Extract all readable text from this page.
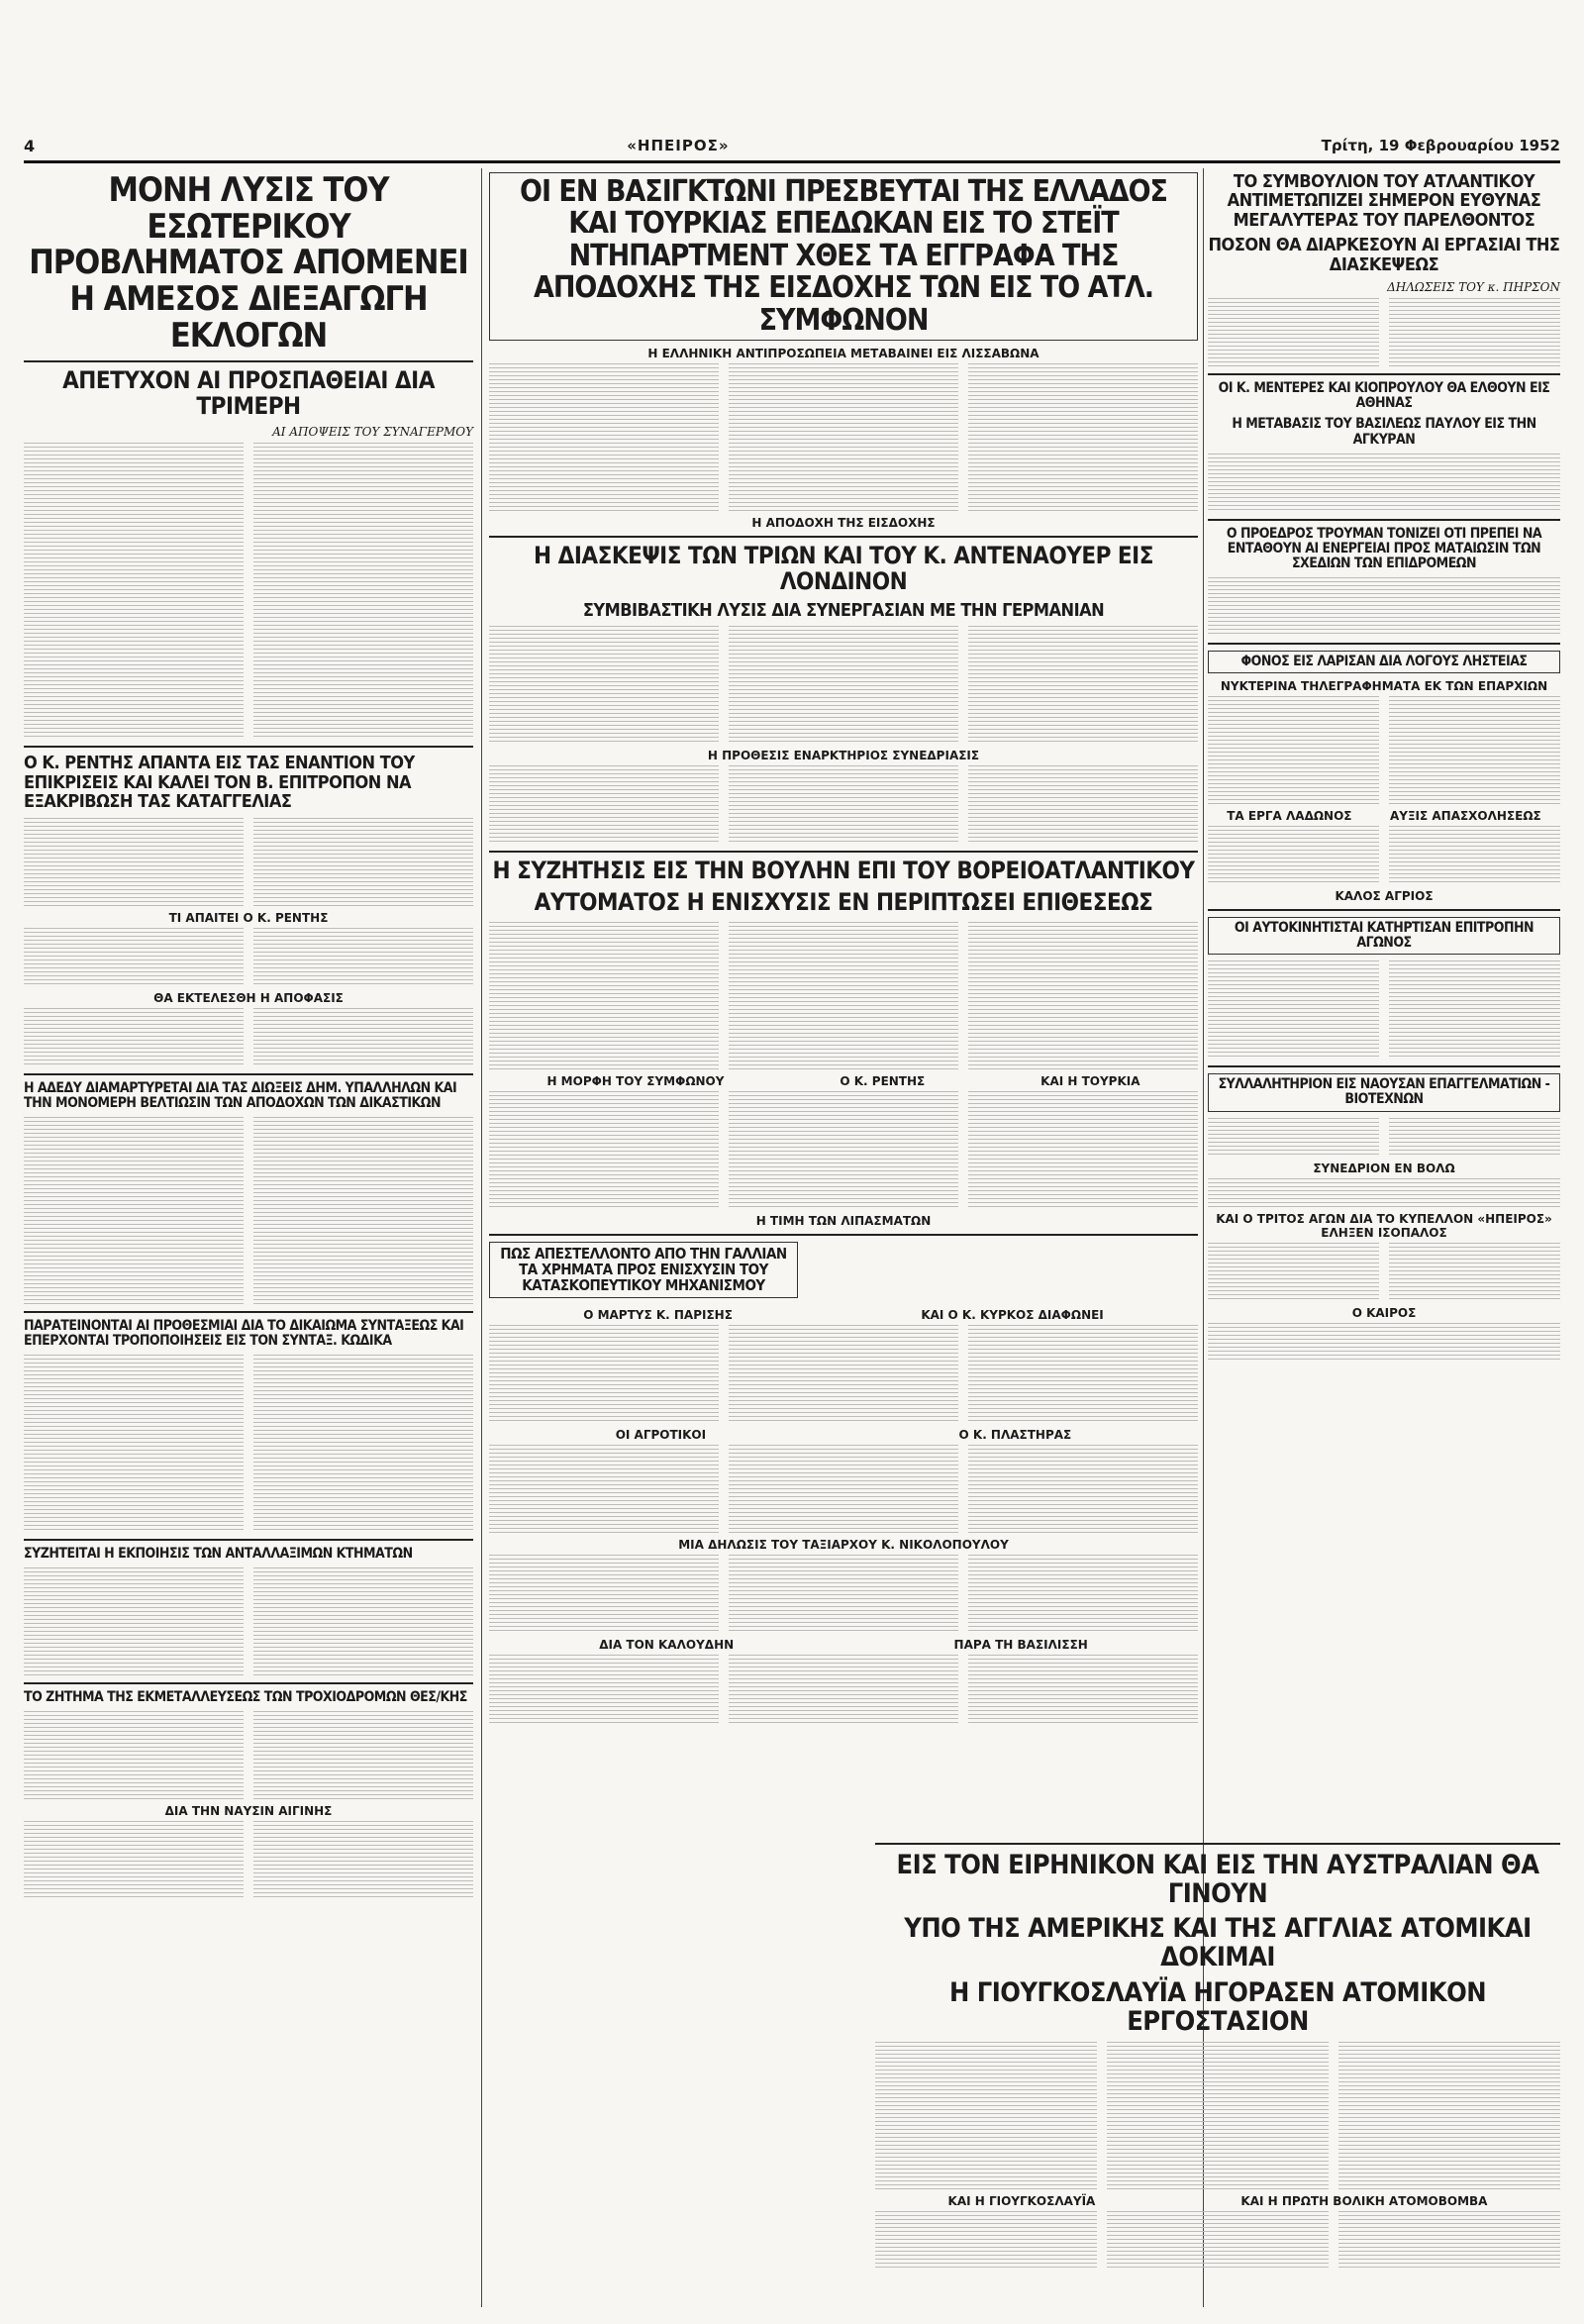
4	«ΗΠΕΙΡΟΣ»	Τρίτη, 19 Φεβρουαρίου 1952
ΜΟΝΗ ΛΥΣΙΣ ΤΟΥ ΕΣΩΤΕΡΙΚΟΥ ΠΡΟΒΛΗΜΑΤΟΣ ΑΠΟΜΕΝΕΙ Η ΑΜΕΣΟΣ ΔΙΕΞΑΓΩΓΗ ΕΚΛΟΓΩΝ
ΑΠΕΤΥΧΟΝ ΑΙ ΠΡΟΣΠΑΘΕΙΑΙ ΔΙΑ ΤΡΙΜΕΡΗ
ΑΙ ΑΠΟΨΕΙΣ ΤΟΥ ΣΥΝΑΓΕΡΜΟΥ
Ο Κ. ΡΕΝΤΗΣ ΑΠΑΝΤΑ ΕΙΣ ΤΑΣ ΕΝΑΝΤΙΟΝ ΤΟΥ ΕΠΙΚΡΙΣΕΙΣ ΚΑΙ ΚΑΛΕΙ ΤΟΝ Β. ΕΠΙΤΡΟΠΟΝ ΝΑ ΕΞΑΚΡΙΒΩΣΗ ΤΑΣ ΚΑΤΑΓΓΕΛΙΑΣ
ΤΙ ΑΠΑΙΤΕΙ Ο Κ. ΡΕΝΤΗΣ
ΘΑ ΕΚΤΕΛΕΣΘΗ Η ΑΠΟΦΑΣΙΣ
Η ΑΔΕΔΥ ΔΙΑΜΑΡΤΥΡΕΤΑΙ ΔΙΑ ΤΑΣ ΔΙΩΞΕΙΣ ΔΗΜ. ΥΠΑΛΛΗΛΩΝ ΚΑΙ ΤΗΝ ΜΟΝΟΜΕΡΗ ΒΕΛΤΙΩΣΙΝ ΤΩΝ ΑΠΟΔΟΧΩΝ ΤΩΝ ΔΙΚΑΣΤΙΚΩΝ
ΠΑΡΑΤΕΙΝΟΝΤΑΙ ΑΙ ΠΡΟΘΕΣΜΙΑΙ ΔΙΑ ΤΟ ΔΙΚΑΙΩΜΑ ΣΥΝΤΑΞΕΩΣ ΚΑΙ ΕΠΕΡΧΟΝΤΑΙ ΤΡΟΠΟΠΟΙΗΣΕΙΣ ΕΙΣ ΤΟΝ ΣΥΝΤΑΞ. ΚΩΔΙΚΑ
ΣΥΖΗΤΕΙΤΑΙ Η ΕΚΠΟΙΗΣΙΣ ΤΩΝ ΑΝΤΑΛΛΑΞΙΜΩΝ ΚΤΗΜΑΤΩΝ
ΤΟ ΖΗΤΗΜΑ ΤΗΣ ΕΚΜΕΤΑΛΛΕΥΣΕΩΣ ΤΩΝ ΤΡΟΧΙΟΔΡΟΜΩΝ ΘΕΣ/ΚΗΣ
ΔΙΑ ΤΗΝ ΝΑΥΣΙΝ ΑΙΓΙΝΗΣ
ΟΙ ΕΝ ΒΑΣΙΓΚΤΩΝΙ ΠΡΕΣΒΕΥΤΑΙ ΤΗΣ ΕΛΛΑΔΟΣ ΚΑΙ ΤΟΥΡΚΙΑΣ ΕΠΕΔΩΚΑΝ ΕΙΣ ΤΟ ΣΤΕΪΤ ΝΤΗΠΑΡΤΜΕΝΤ ΧΘΕΣ ΤΑ ΕΓΓΡΑΦΑ ΤΗΣ ΑΠΟΔΟΧΗΣ ΤΗΣ ΕΙΣΔΟΧΗΣ ΤΩΝ ΕΙΣ ΤΟ ΑΤΛ. ΣΥΜΦΩΝΟΝ
Η ΕΛΛΗΝΙΚΗ ΑΝΤΙΠΡΟΣΩΠΕΙΑ ΜΕΤΑΒΑΙΝΕΙ ΕΙΣ ΛΙΣΣΑΒΩΝΑ
Η ΑΠΟΔΟΧΗ ΤΗΣ ΕΙΣΔΟΧΗΣ
Η ΔΙΑΣΚΕΨΙΣ ΤΩΝ ΤΡΙΩΝ ΚΑΙ ΤΟΥ Κ. ΑΝΤΕΝΑΟΥΕΡ ΕΙΣ ΛΟΝΔΙΝΟΝ
ΣΥΜΒΙΒΑΣΤΙΚΗ ΛΥΣΙΣ ΔΙΑ ΣΥΝΕΡΓΑΣΙΑΝ ΜΕ ΤΗΝ ΓΕΡΜΑΝΙΑΝ
Η ΠΡΟΘΕΣΙΣ ΕΝΑΡΚΤΗΡΙΟΣ ΣΥΝΕΔΡΙΑΣΙΣ
Η ΣΥΖΗΤΗΣΙΣ ΕΙΣ ΤΗΝ ΒΟΥΛΗΝ ΕΠΙ ΤΟΥ ΒΟΡΕΙΟΑΤΛΑΝΤΙΚΟΥ
ΑΥΤΟΜΑΤΟΣ Η ΕΝΙΣΧΥΣΙΣ ΕΝ ΠΕΡΙΠΤΩΣΕΙ ΕΠΙΘΕΣΕΩΣ
Η ΜΟΡΦΗ ΤΟΥ ΣΥΜΦΩΝΟΥ	Ο Κ. ΡΕΝΤΗΣ	ΚΑΙ Η ΤΟΥΡΚΙΑ
Η ΤΙΜΗ ΤΩΝ ΛΙΠΑΣΜΑΤΩΝ
ΠΩΣ ΑΠΕΣΤΕΛΛΟΝΤΟ ΑΠΟ ΤΗΝ ΓΑΛΛΙΑΝ ΤΑ ΧΡΗΜΑΤΑ ΠΡΟΣ ΕΝΙΣΧΥΣΙΝ ΤΟΥ ΚΑΤΑΣΚΟΠΕΥΤΙΚΟΥ ΜΗΧΑΝΙΣΜΟΥ
Ο ΜΑΡΤΥΣ Κ. ΠΑΡΙΣΗΣ	ΚΑΙ Ο Κ. ΚΥΡΚΟΣ ΔΙΑΦΩΝΕΙ
ΟΙ ΑΓΡΟΤΙΚΟΙ	Ο Κ. ΠΛΑΣΤΗΡΑΣ
ΜΙΑ ΔΗΛΩΣΙΣ ΤΟΥ ΤΑΞΙΑΡΧΟΥ Κ. ΝΙΚΟΛΟΠΟΥΛΟΥ
ΔΙΑ ΤΟΝ ΚΑΛΟΥΔΗΝ	ΠΑΡΑ ΤΗ ΒΑΣΙΛΙΣΣΗ
ΤΟ ΣΥΜΒΟΥΛΙΟΝ ΤΟΥ ΑΤΛΑΝΤΙΚΟΥ ΑΝΤΙΜΕΤΩΠΙΖΕΙ ΣΗΜΕΡΟΝ ΕΥΘΥΝΑΣ ΜΕΓΑΛΥΤΕΡΑΣ ΤΟΥ ΠΑΡΕΛΘΟΝΤΟΣ
ΠΟΣΟΝ ΘΑ ΔΙΑΡΚΕΣΟΥΝ ΑΙ ΕΡΓΑΣΙΑΙ ΤΗΣ ΔΙΑΣΚΕΨΕΩΣ
ΔΗΛΩΣΕΙΣ ΤΟΥ κ. ΠΗΡΣΟΝ
ΟΙ Κ. ΜΕΝΤΕΡΕΣ ΚΑΙ ΚΙΟΠΡΟΥΛΟΥ ΘΑ ΕΛΘΟΥΝ ΕΙΣ ΑΘΗΝΑΣ
Η ΜΕΤΑΒΑΣΙΣ ΤΟΥ ΒΑΣΙΛΕΩΣ ΠΑΥΛΟΥ ΕΙΣ ΤΗΝ ΑΓΚΥΡΑΝ
Ο ΠΡΟΕΔΡΟΣ ΤΡΟΥΜΑΝ ΤΟΝΙΖΕΙ ΟΤΙ ΠΡΕΠΕΙ ΝΑ ΕΝΤΑΘΟΥΝ ΑΙ ΕΝΕΡΓΕΙΑΙ ΠΡΟΣ ΜΑΤΑΙΩΣΙΝ ΤΩΝ ΣΧΕΔΙΩΝ ΤΩΝ ΕΠΙΔΡΟΜΕΩΝ
ΦΟΝΟΣ ΕΙΣ ΛΑΡΙΣΑΝ ΔΙΑ ΛΟΓΟΥΣ ΛΗΣΤΕΙΑΣ
ΝΥΚΤΕΡΙΝΑ ΤΗΛΕΓΡΑΦΗΜΑΤΑ ΕΚ ΤΩΝ ΕΠΑΡΧΙΩΝ
ΤΑ ΕΡΓΑ ΛΑΔΩΝΟΣ	ΑΥΞΙΣ ΑΠΑΣΧΟΛΗΣΕΩΣ
ΚΑΛΟΣ ΑΓΡΙΟΣ
ΟΙ ΑΥΤΟΚΙΝΗΤΙΣΤΑΙ ΚΑΤΗΡΤΙΣΑΝ ΕΠΙΤΡΟΠΗΝ ΑΓΩΝΟΣ
ΣΥΛΛΑΛΗΤΗΡΙΟΝ ΕΙΣ ΝΑΟΥΣΑΝ ΕΠΑΓΓΕΛΜΑΤΙΩΝ - ΒΙΟΤΕΧΝΩΝ
ΣΥΝΕΔΡΙΟΝ ΕΝ ΒΟΛΩ
ΚΑΙ Ο ΤΡΙΤΟΣ ΑΓΩΝ ΔΙΑ ΤΟ ΚΥΠΕΛΛΟΝ «ΗΠΕΙΡΟΣ» ΕΛΗΞΕΝ ΙΣΟΠΑΛΟΣ
Ο ΚΑΙΡΟΣ
ΕΙΣ ΤΟΝ ΕΙΡΗΝΙΚΟΝ ΚΑΙ ΕΙΣ ΤΗΝ ΑΥΣΤΡΑΛΙΑΝ ΘΑ ΓΙΝΟΥΝ
ΥΠΟ ΤΗΣ ΑΜΕΡΙΚΗΣ ΚΑΙ ΤΗΣ ΑΓΓΛΙΑΣ ΑΤΟΜΙΚΑΙ ΔΟΚΙΜΑΙ
Η ΓΙΟΥΓΚΟΣΛΑΥΪΑ ΗΓΟΡΑΣΕΝ ΑΤΟΜΙΚΟΝ ΕΡΓΟΣΤΑΣΙΟΝ
ΚΑΙ Η ΓΙΟΥΓΚΟΣΛΑΥΪΑ	ΚΑΙ Η ΠΡΩΤΗ ΒΟΛΙΚΗ ΑΤΟΜΟΒΟΜΒΑ
